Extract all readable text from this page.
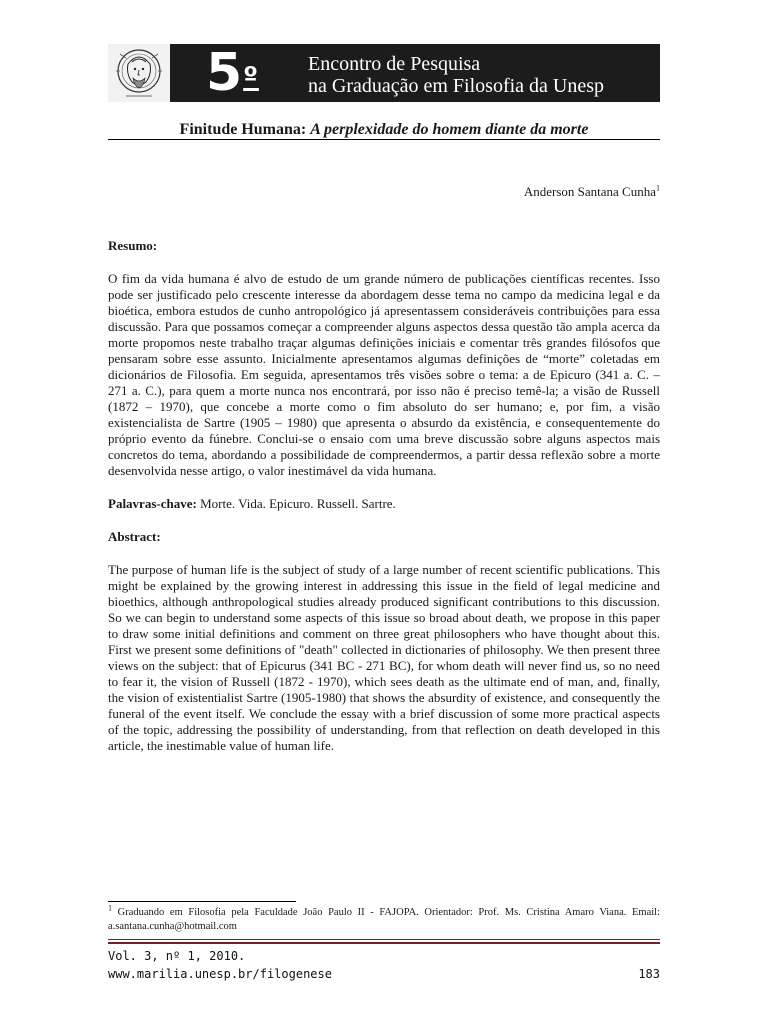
$5^º$ Encontro de Pesquisa
na Graduação em Filosofia da Unesp
Finitude Humana: A perplexidade do homem diante da morte
Anderson Santana Cunha$^1$
Resumo:
O fim da vida humana é alvo de estudo de um grande número de publicações científicas recentes. Isso pode ser justificado pelo crescente interesse da abordagem desse tema no campo da medicina legal e da bioética, embora estudos de cunho antropológico já apresentassem consideráveis contribuições para essa discussão. Para que possamos começar a compreender alguns aspectos dessa questão tão ampla acerca da morte propomos neste trabalho traçar algumas definições iniciais e comentar três grandes filósofos que pensaram sobre esse assunto. Inicialmente apresentamos algumas definições de “morte” coletadas em dicionários de Filosofia. Em seguida, apresentamos três visões sobre o tema: a de Epicuro (341 a. C. – 271 a. C.), para quem a morte nunca nos encontrará, por isso não é preciso temê-la; a visão de Russell (1872 – 1970), que concebe a morte como o fim absoluto do ser humano; e, por fim, a visão existencialista de Sartre (1905 – 1980) que apresenta o absurdo da existência, e consequentemente do próprio evento da fúnebre. Conclui-se o ensaio com uma breve discussão sobre alguns aspectos mais concretos do tema, abordando a possibilidade de compreendermos, a partir dessa reflexão sobre a morte desenvolvida nesse artigo, o valor inestimável da vida humana.
Palavras-chave: Morte. Vida. Epicuro. Russell. Sartre.
Abstract:
The purpose of human life is the subject of study of a large number of recent scientific publications. This might be explained by the growing interest in addressing this issue in the field of legal medicine and bioethics, although anthropological studies already produced significant contributions to this discussion. So we can begin to understand some aspects of this issue so broad about death, we propose in this paper to draw some initial definitions and comment on three great philosophers who have thought about this. First we present some definitions of "death" collected in dictionaries of philosophy. We then present three views on the subject: that of Epicurus (341 BC - 271 BC), for whom death will never find us, so no need to fear it, the vision of Russell (1872 - 1970), which sees death as the ultimate end of man, and, finally, the vision of existentialist Sartre (1905-1980) that shows the absurdity of existence, and consequently the funeral of the event itself. We conclude the essay with a brief discussion of some more practical aspects of the topic, addressing the possibility of understanding, from that reflection on death developed in this article, the inestimable value of human life.
$^1$ Graduando em Filosofia pela Faculdade João Paulo II - FAJOPA. Orientador: Prof. Ms. Cristina Amaro Viana. Email: a.santana.cunha@hotmail.com
Vol. 3, nº 1, 2010.
www.marilia.unesp.br/filogenese	183
